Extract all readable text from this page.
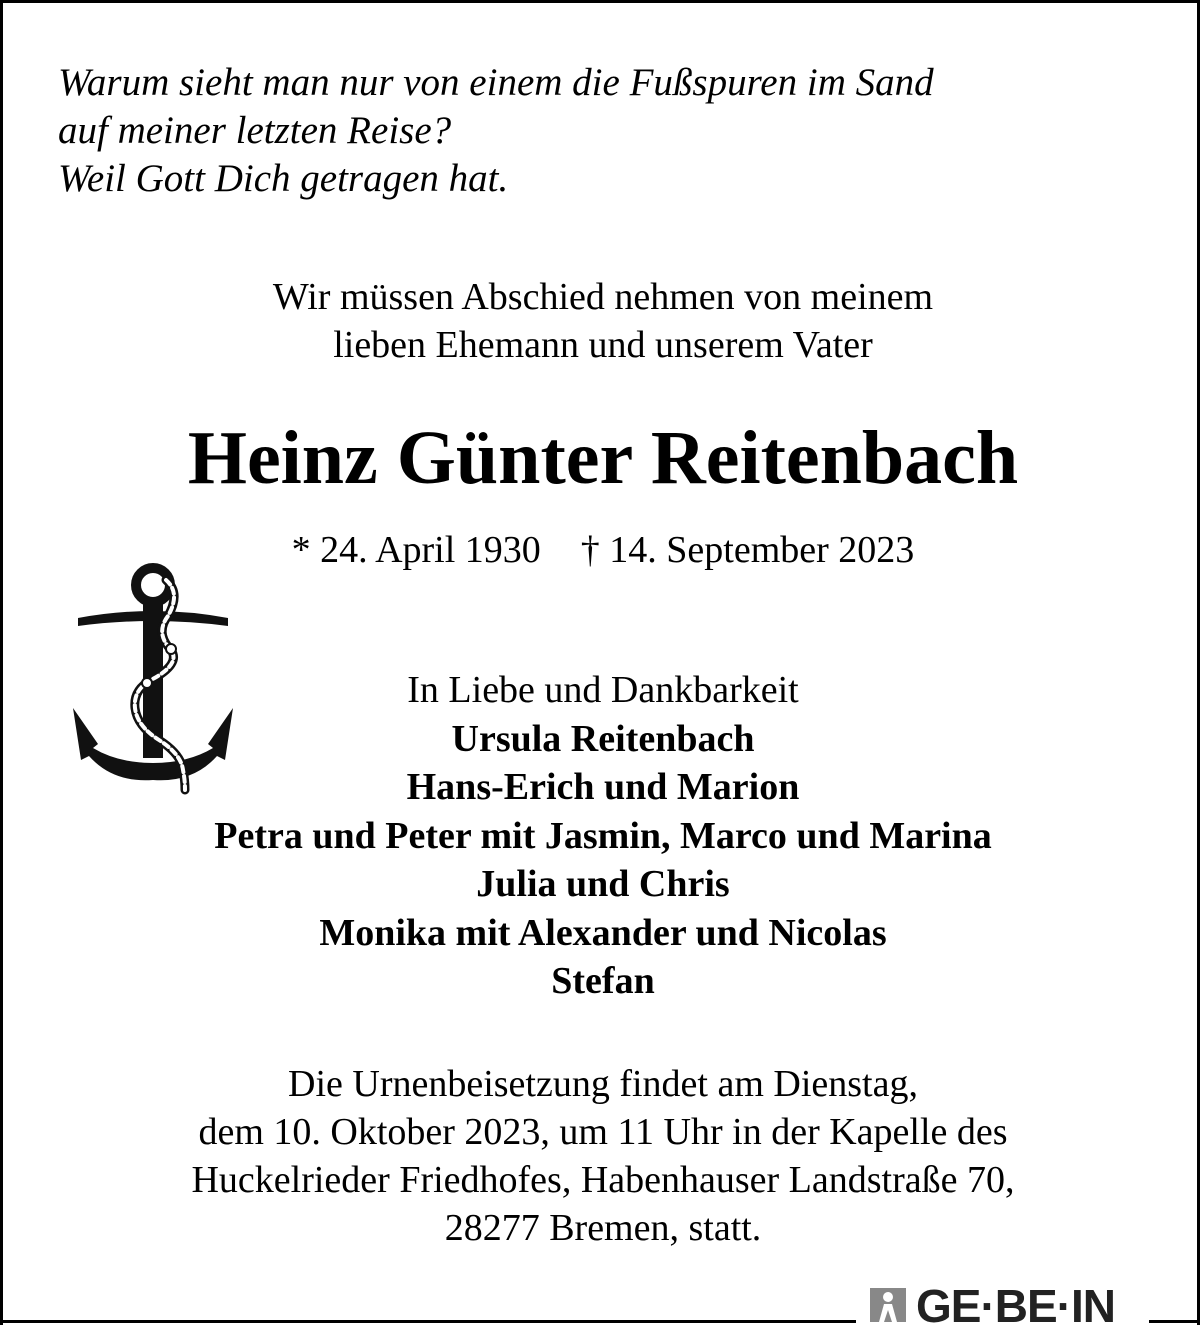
Warum sieht man nur von einem die Fußspuren im Sand
auf meiner letzten Reise?
Weil Gott Dich getragen hat.
Wir müssen Abschied nehmen von meinem
lieben Ehemann und unserem Vater
Heinz Günter Reitenbach
* 24. April 1930 † 14. September 2023
In Liebe und Dankbarkeit
Ursula Reitenbach
Hans-Erich und Marion
Petra und Peter mit Jasmin, Marco und Marina
Julia und Chris
Monika mit Alexander und Nicolas
Stefan
Die Urnenbeisetzung findet am Dienstag,
dem 10. Oktober 2023, um 11 Uhr in der Kapelle des
Huckelrieder Friedhofes, Habenhauser Landstraße 70,
28277 Bremen, statt.
GE·BE·IN
